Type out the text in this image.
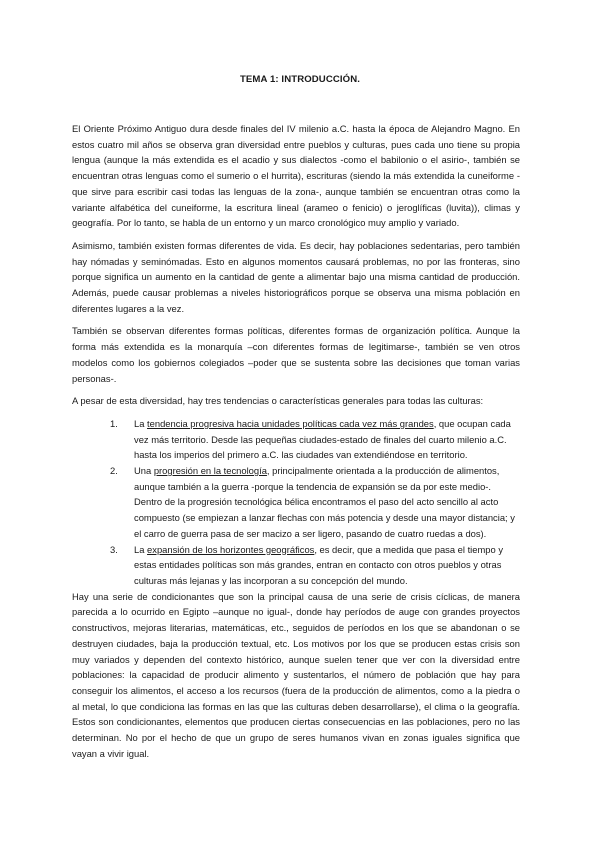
TEMA 1: INTRODUCCIÓN.

El Oriente Próximo Antiguo dura desde finales del IV milenio a.C. hasta la época de Alejandro Magno. En estos cuatro mil años se observa gran diversidad entre pueblos y culturas, pues cada uno tiene su propia lengua (aunque la más extendida es el acadio y sus dialectos -como el babilonio o el asirio-, también se encuentran otras lenguas como el sumerio o el hurrita), escrituras (siendo la más extendida la cuneiforme -que sirve para escribir casi todas las lenguas de la zona-, aunque también se encuentran otras como la variante alfabética del cuneiforme, la escritura lineal (arameo o fenicio) o jeroglíficas (luvita)), climas y geografía. Por lo tanto, se habla de un entorno y un marco cronológico muy amplio y variado.

Asimismo, también existen formas diferentes de vida. Es decir, hay poblaciones sedentarias, pero también hay nómadas y seminómadas. Esto en algunos momentos causará problemas, no por las fronteras, sino porque significa un aumento en la cantidad de gente a alimentar bajo una misma cantidad de producción. Además, puede causar problemas a niveles historiográficos porque se observa una misma población en diferentes lugares a la vez.

También se observan diferentes formas políticas, diferentes formas de organización política. Aunque la forma más extendida es la monarquía –con diferentes formas de legitimarse-, también se ven otros modelos como los gobiernos colegiados –poder que se sustenta sobre las decisiones que toman varias personas-.

A pesar de esta diversidad, hay tres tendencias o características generales para todas las culturas:

1. La tendencia progresiva hacia unidades políticas cada vez más grandes, que ocupan cada vez más territorio. Desde las pequeñas ciudades-estado de finales del cuarto milenio a.C. hasta los imperios del primero a.C. las ciudades van extendiéndose en territorio.
2. Una progresión en la tecnología, principalmente orientada a la producción de alimentos, aunque también a la guerra -porque la tendencia de expansión se da por este medio-. Dentro de la progresión tecnológica bélica encontramos el paso del acto sencillo al acto compuesto (se empiezan a lanzar flechas con más potencia y desde una mayor distancia; y el carro de guerra pasa de ser macizo a ser ligero, pasando de cuatro ruedas a dos).
3. La expansión de los horizontes geográficos, es decir, que a medida que pasa el tiempo y estas entidades políticas son más grandes, entran en contacto con otros pueblos y otras culturas más lejanas y las incorporan a su concepción del mundo.

Hay una serie de condicionantes que son la principal causa de una serie de crisis cíclicas, de manera parecida a lo ocurrido en Egipto –aunque no igual-, donde hay períodos de auge con grandes proyectos constructivos, mejoras literarias, matemáticas, etc., seguidos de períodos en los que se abandonan o se destruyen ciudades, baja la producción textual, etc. Los motivos por los que se producen estas crisis son muy variados y dependen del contexto histórico, aunque suelen tener que ver con la diversidad entre poblaciones: la capacidad de producir alimento y sustentarlos, el número de población que hay para conseguir los alimentos, el acceso a los recursos (fuera de la producción de alimentos, como a la piedra o al metal, lo que condiciona las formas en las que las culturas deben desarrollarse), el clima o la geografía. Estos son condicionantes, elementos que producen ciertas consecuencias en las poblaciones, pero no las determinan. No por el hecho de que un grupo de seres humanos vivan en zonas iguales significa que vayan a vivir igual.
